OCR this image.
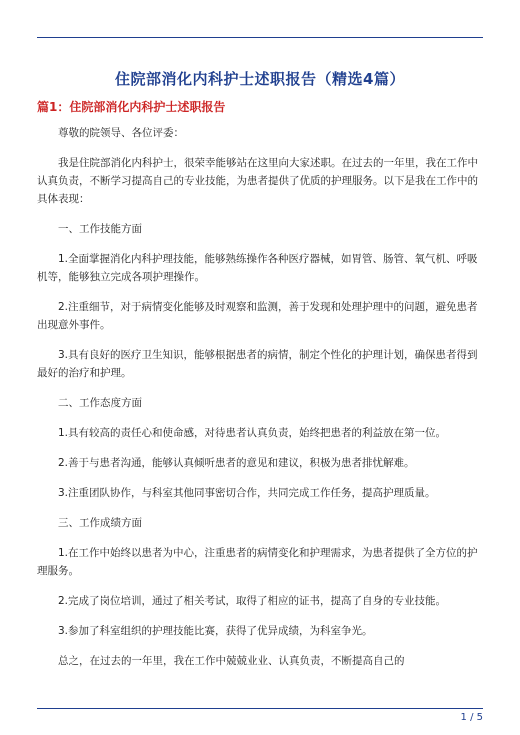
住院部消化内科护士述职报告（精选4篇）
篇1：住院部消化内科护士述职报告

尊敬的院领导、各位评委：

我是住院部消化内科护士，很荣幸能够站在这里向大家述职。在过去的一年里，我在工作中认真负责，不断学习提高自己的专业技能，为患者提供了优质的护理服务。以下是我在工作中的具体表现：

一、工作技能方面

1.全面掌握消化内科护理技能，能够熟练操作各种医疗器械，如胃管、肠管、氧气机、呼吸机等，能够独立完成各项护理操作。

2.注重细节，对于病情变化能够及时观察和监测，善于发现和处理护理中的问题，避免患者出现意外事件。

3.具有良好的医疗卫生知识，能够根据患者的病情，制定个性化的护理计划，确保患者得到最好的治疗和护理。

二、工作态度方面

1.具有较高的责任心和使命感，对待患者认真负责，始终把患者的利益放在第一位。

2.善于与患者沟通，能够认真倾听患者的意见和建议，积极为患者排忧解难。

3.注重团队协作，与科室其他同事密切合作，共同完成工作任务，提高护理质量。

三、工作成绩方面

1.在工作中始终以患者为中心，注重患者的病情变化和护理需求，为患者提供了全方位的护理服务。

2.完成了岗位培训，通过了相关考试，取得了相应的证书，提高了自身的专业技能。

3.参加了科室组织的护理技能比赛，获得了优异成绩，为科室争光。

总之，在过去的一年里，我在工作中兢兢业业、认真负责，不断提高自己的

1 / 5
